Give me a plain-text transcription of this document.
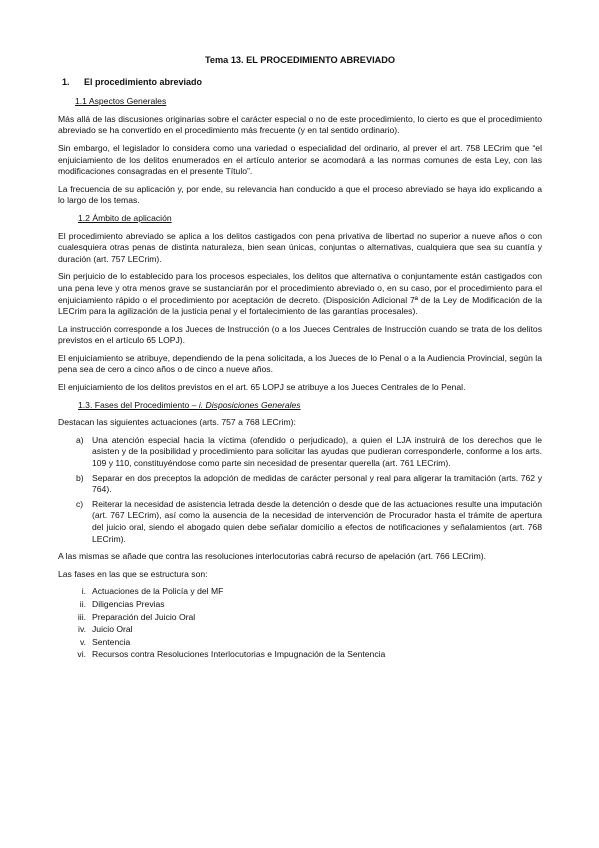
Tema 13. EL PROCEDIMIENTO ABREVIADO
1. El procedimiento abreviado
1.1 Aspectos Generales

Más allá de las discusiones originarias sobre el carácter especial o no de este procedimiento, lo cierto es que el procedimiento abreviado se ha convertido en el procedimiento más frecuente (y en tal sentido ordinario).

Sin embargo, el legislador lo considera como una variedad o especialidad del ordinario, al prever el art. 758 LECrim que “el enjuiciamiento de los delitos enumerados en el artículo anterior se acomodará a las normas comunes de esta Ley, con las modificaciones consagradas en el presente Título”.

La frecuencia de su aplicación y, por ende, su relevancia han conducido a que el proceso abreviado se haya ido explicando a lo largo de los temas.

1.2 Ámbito de aplicación

El procedimiento abreviado se aplica a los delitos castigados con pena privativa de libertad no superior a nueve años o con cualesquiera otras penas de distinta naturaleza, bien sean únicas, conjuntas o alternativas, cualquiera que sea su cuantía y duración (art. 757 LECrim).

Sin perjuicio de lo establecido para los procesos especiales, los delitos que alternativa o conjuntamente están castigados con una pena leve y otra menos grave se sustanciarán por el procedimiento abreviado o, en su caso, por el procedimiento para el enjuiciamiento rápido o el procedimiento por aceptación de decreto. (Disposición Adicional 7ª de la Ley de Modificación de la LECrim para la agilización de la justicia penal y el fortalecimiento de las garantías procesales).

La instrucción corresponde a los Jueces de Instrucción (o a los Jueces Centrales de Instrucción cuando se trata de los delitos previstos en el artículo 65 LOPJ).

El enjuiciamiento se atribuye, dependiendo de la pena solicitada, a los Jueces de lo Penal o a la Audiencia Provincial, según la pena sea de cero a cinco años o de cinco a nueve años.

El enjuiciamiento de los delitos previstos en el art. 65 LOPJ se atribuye a los Jueces Centrales de lo Penal.

1.3. Fases del Procedimiento – i. Disposiciones Generales

Destacan las siguientes actuaciones (arts. 757 a 768 LECrim):

a) Una atención especial hacia la víctima (ofendido o perjudicado), a quien el LJA instruirá de los derechos que le asisten y de la posibilidad y procedimiento para solicitar las ayudas que pudieran corresponderle, conforme a los arts. 109 y 110, constituyéndose como parte sin necesidad de presentar querella (art. 761 LECrim).
b) Separar en dos preceptos la adopción de medidas de carácter personal y real para aligerar la tramitación (arts. 762 y 764).
c) Reiterar la necesidad de asistencia letrada desde la detención o desde que de las actuaciones resulte una imputación (art. 767 LECrim), así como la ausencia de la necesidad de intervención de Procurador hasta el trámite de apertura del juicio oral, siendo el abogado quien debe señalar domicilio a efectos de notificaciones y señalamientos (art. 768 LECrim).

A las mismas se añade que contra las resoluciones interlocutorias cabrá recurso de apelación (art. 766 LECrim).

Las fases en las que se estructura son:

i. Actuaciones de la Policía y del MF
ii. Diligencias Previas
iii. Preparación del Juicio Oral
iv. Juicio Oral
v. Sentencia
vi. Recursos contra Resoluciones Interlocutorias e Impugnación de la Sentencia
